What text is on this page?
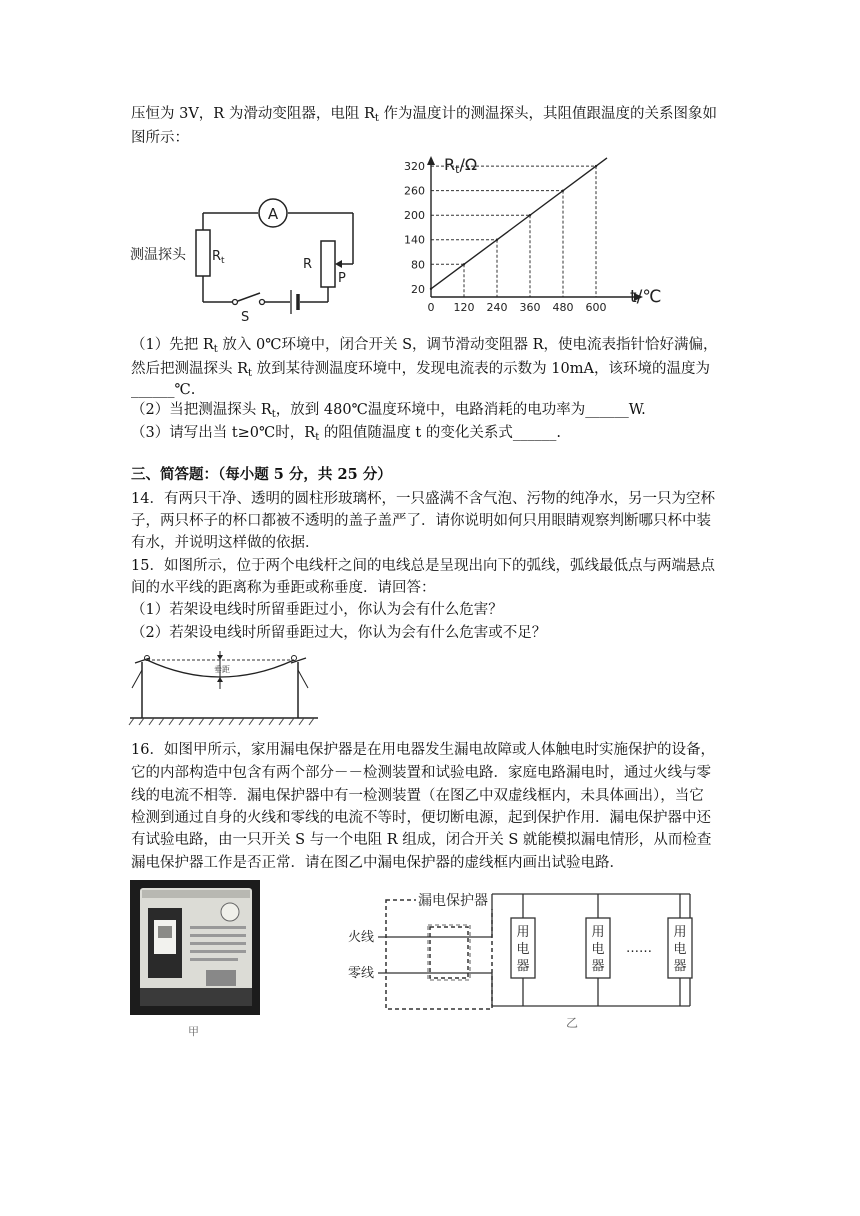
压恒为 3V，R 为滑动变阻器，电阻 $R_t$ 作为温度计的测温探头，其阻值跟温度的关系图象如
图所示：
A
测温探头 $R_t$	R
P
S
0 120 240 360 480 600
20
80
140
200
260
320 Rt/Ω
t/℃
（1）先把 $R_t$ 放入 0℃环境中，闭合开关 S，调节滑动变阻器 R，使电流表指针恰好满偏，
然后把测温探头 $R_t$ 放到某待测温度环境中，发现电流表的示数为 10mA，该环境的温度为
______℃.
（2）当把测温探头 $R_t$，放到 480℃温度环境中，电路消耗的电功率为______W.
（3）请写出当 t≥0℃时，$R_t$ 的阻值随温度 t 的变化关系式______.
三、简答题：（每小题 5 分，共 25 分）
14．有两只干净、透明的圆柱形玻璃杯，一只盛满不含气泡、污物的纯净水，另一只为空杯
子，两只杯子的杯口都被不透明的盖子盖严了．请你说明如何只用眼睛观察判断哪只杯中装
有水，并说明这样做的依据．
15．如图所示，位于两个电线杆之间的电线总是呈现出向下的弧线，弧线最低点与两端悬点
间的水平线的距离称为垂距或称垂度．请回答：
（1）若架设电线时所留垂距过小，你认为会有什么危害？
（2）若架设电线时所留垂距过大，你认为会有什么危害或不足？
垂距
16．如图甲所示，家用漏电保护器是在用电器发生漏电故障或人体触电时实施保护的设备，
它的内部构造中包含有两个部分－－检测装置和试验电路．家庭电路漏电时，通过火线与零
线的电流不相等．漏电保护器中有一检测装置（在图乙中双虚线框内，未具体画出），当它
检测到通过自身的火线和零线的电流不等时，便切断电源，起到保护作用．漏电保护器中还
有试验电路，由一只开关 S 与一个电阻 R 组成，闭合开关 S 就能模拟漏电情形，从而检查
漏电保护器工作是否正常．请在图乙中漏电保护器的虚线框内画出试验电路．
甲
漏电保护器
火线
零线
用
电
器
用
电
器
用
电
器
……
乙
